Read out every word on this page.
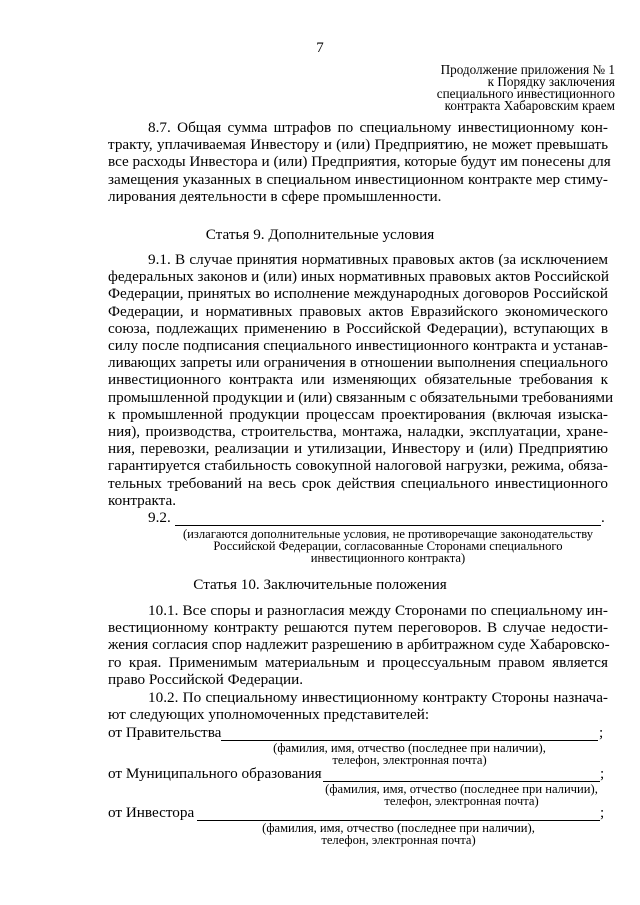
7
Продолжение приложения № 1
к Порядку заключения
специального инвестиционного
контракта Хабаровским краем
8.7. Общая сумма штрафов по специальному инвестиционному кон-
тракту, уплачиваемая Инвестору и (или) Предприятию, не может превышать
все расходы Инвестора и (или) Предприятия, которые будут им понесены для
замещения указанных в специальном инвестиционном контракте мер стиму-
лирования деятельности в сфере промышленности.
Статья 9. Дополнительные условия
9.1. В случае принятия нормативных правовых актов (за исключением
федеральных законов и (или) иных нормативных правовых актов Российской
Федерации, принятых во исполнение международных договоров Российской
Федерации, и нормативных правовых актов Евразийского экономического
союза, подлежащих применению в Российской Федерации), вступающих в
силу после подписания специального инвестиционного контракта и устанав-
ливающих запреты или ограничения в отношении выполнения специального
инвестиционного контракта или изменяющих обязательные требования к
промышленной продукции и (или) связанным с обязательными требованиями
к промышленной продукции процессам проектирования (включая изыска-
ния), производства, строительства, монтажа, наладки, эксплуатации, хране-
ния, перевозки, реализации и утилизации, Инвестору и (или) Предприятию
гарантируется стабильность совокупной налоговой нагрузки, режима, обяза-
тельных требований на весь срок действия специального инвестиционного
контракта.
9.2.	.
(излагаются дополнительные условия, не противоречащие законодательству
Российской Федерации, согласованные Сторонами специального
инвестиционного контракта)
Статья 10. Заключительные положения
10.1. Все споры и разногласия между Сторонами по специальному ин-
вестиционному контракту решаются путем переговоров. В случае недости-
жения согласия спор надлежит разрешению в арбитражном суде Хабаровско-
го края. Применимым материальным и процессуальным правом является
право Российской Федерации.
10.2. По специальному инвестиционному контракту Стороны назнача-
ют следующих уполномоченных представителей:
от Правительства	;
(фамилия, имя, отчество (последнее при наличии),
телефон, электронная почта)
от Муниципального образования	;
(фамилия, имя, отчество (последнее при наличии),
телефон, электронная почта)
от Инвестора	;
(фамилия, имя, отчество (последнее при наличии),
телефон, электронная почта)
